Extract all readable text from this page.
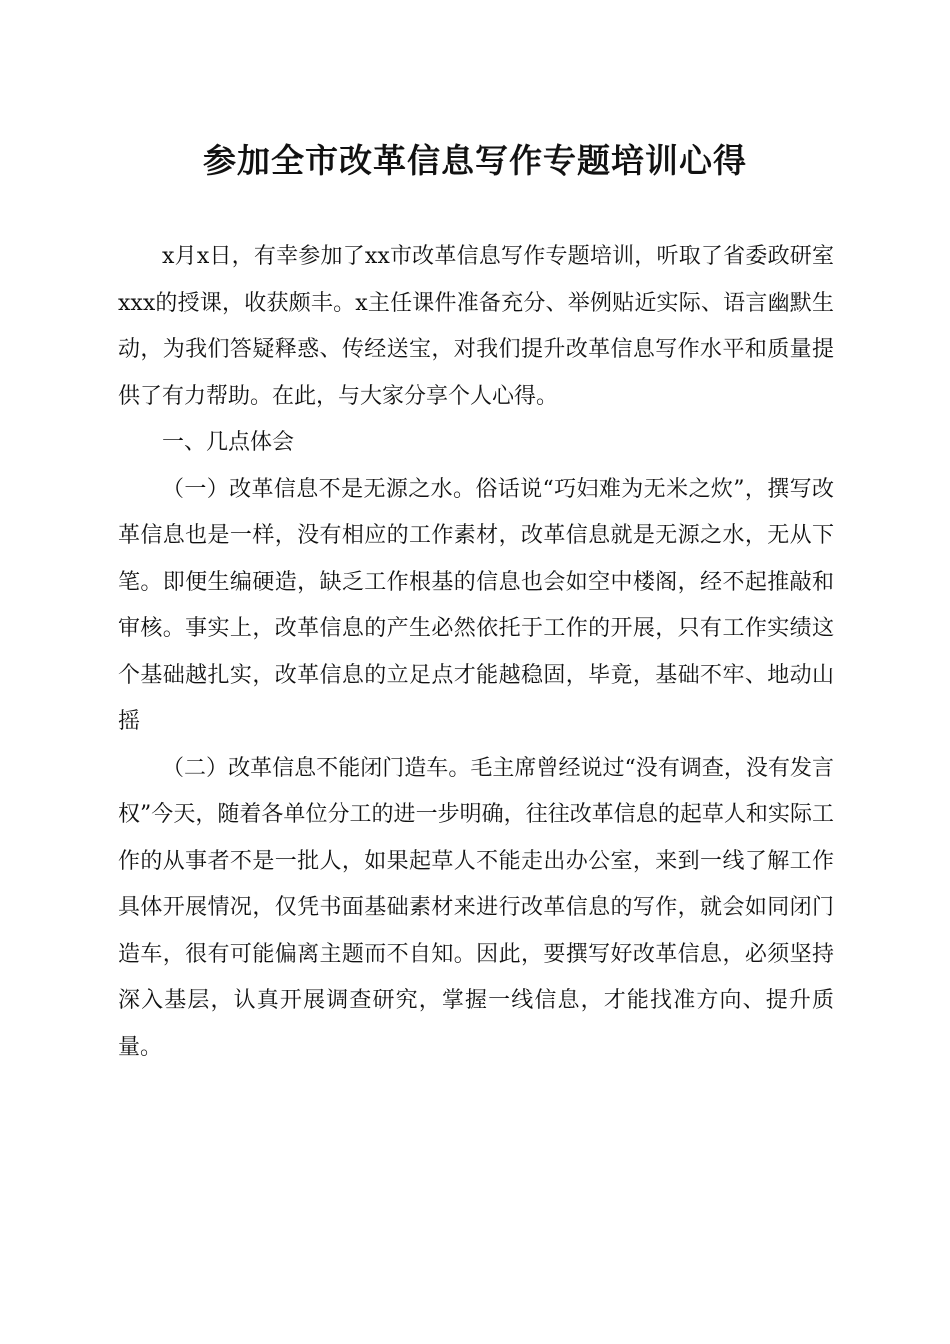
参加全市改革信息写作专题培训心得

x月x日，有幸参加了xx市改革信息写作专题培训，听取了省委政研室xxx的授课，收获颇丰。x主任课件准备充分、举例贴近实际、语言幽默生动，为我们答疑释惑、传经送宝，对我们提升改革信息写作水平和质量提供了有力帮助。在此，与大家分享个人心得。

一、几点体会

（一）改革信息不是无源之水。俗话说“巧妇难为无米之炊”，撰写改革信息也是一样，没有相应的工作素材，改革信息就是无源之水，无从下笔。即便生编硬造，缺乏工作根基的信息也会如空中楼阁，经不起推敲和审核。事实上，改革信息的产生必然依托于工作的开展，只有工作实绩这个基础越扎实，改革信息的立足点才能越稳固，毕竟，基础不牢、地动山摇

（二）改革信息不能闭门造车。毛主席曾经说过“没有调查，没有发言权”今天，随着各单位分工的进一步明确，往往改革信息的起草人和实际工作的从事者不是一批人，如果起草人不能走出办公室，来到一线了解工作具体开展情况，仅凭书面基础素材来进行改革信息的写作，就会如同闭门造车，很有可能偏离主题而不自知。因此，要撰写好改革信息，必须坚持深入基层，认真开展调查研究，掌握一线信息，才能找准方向、提升质量。
